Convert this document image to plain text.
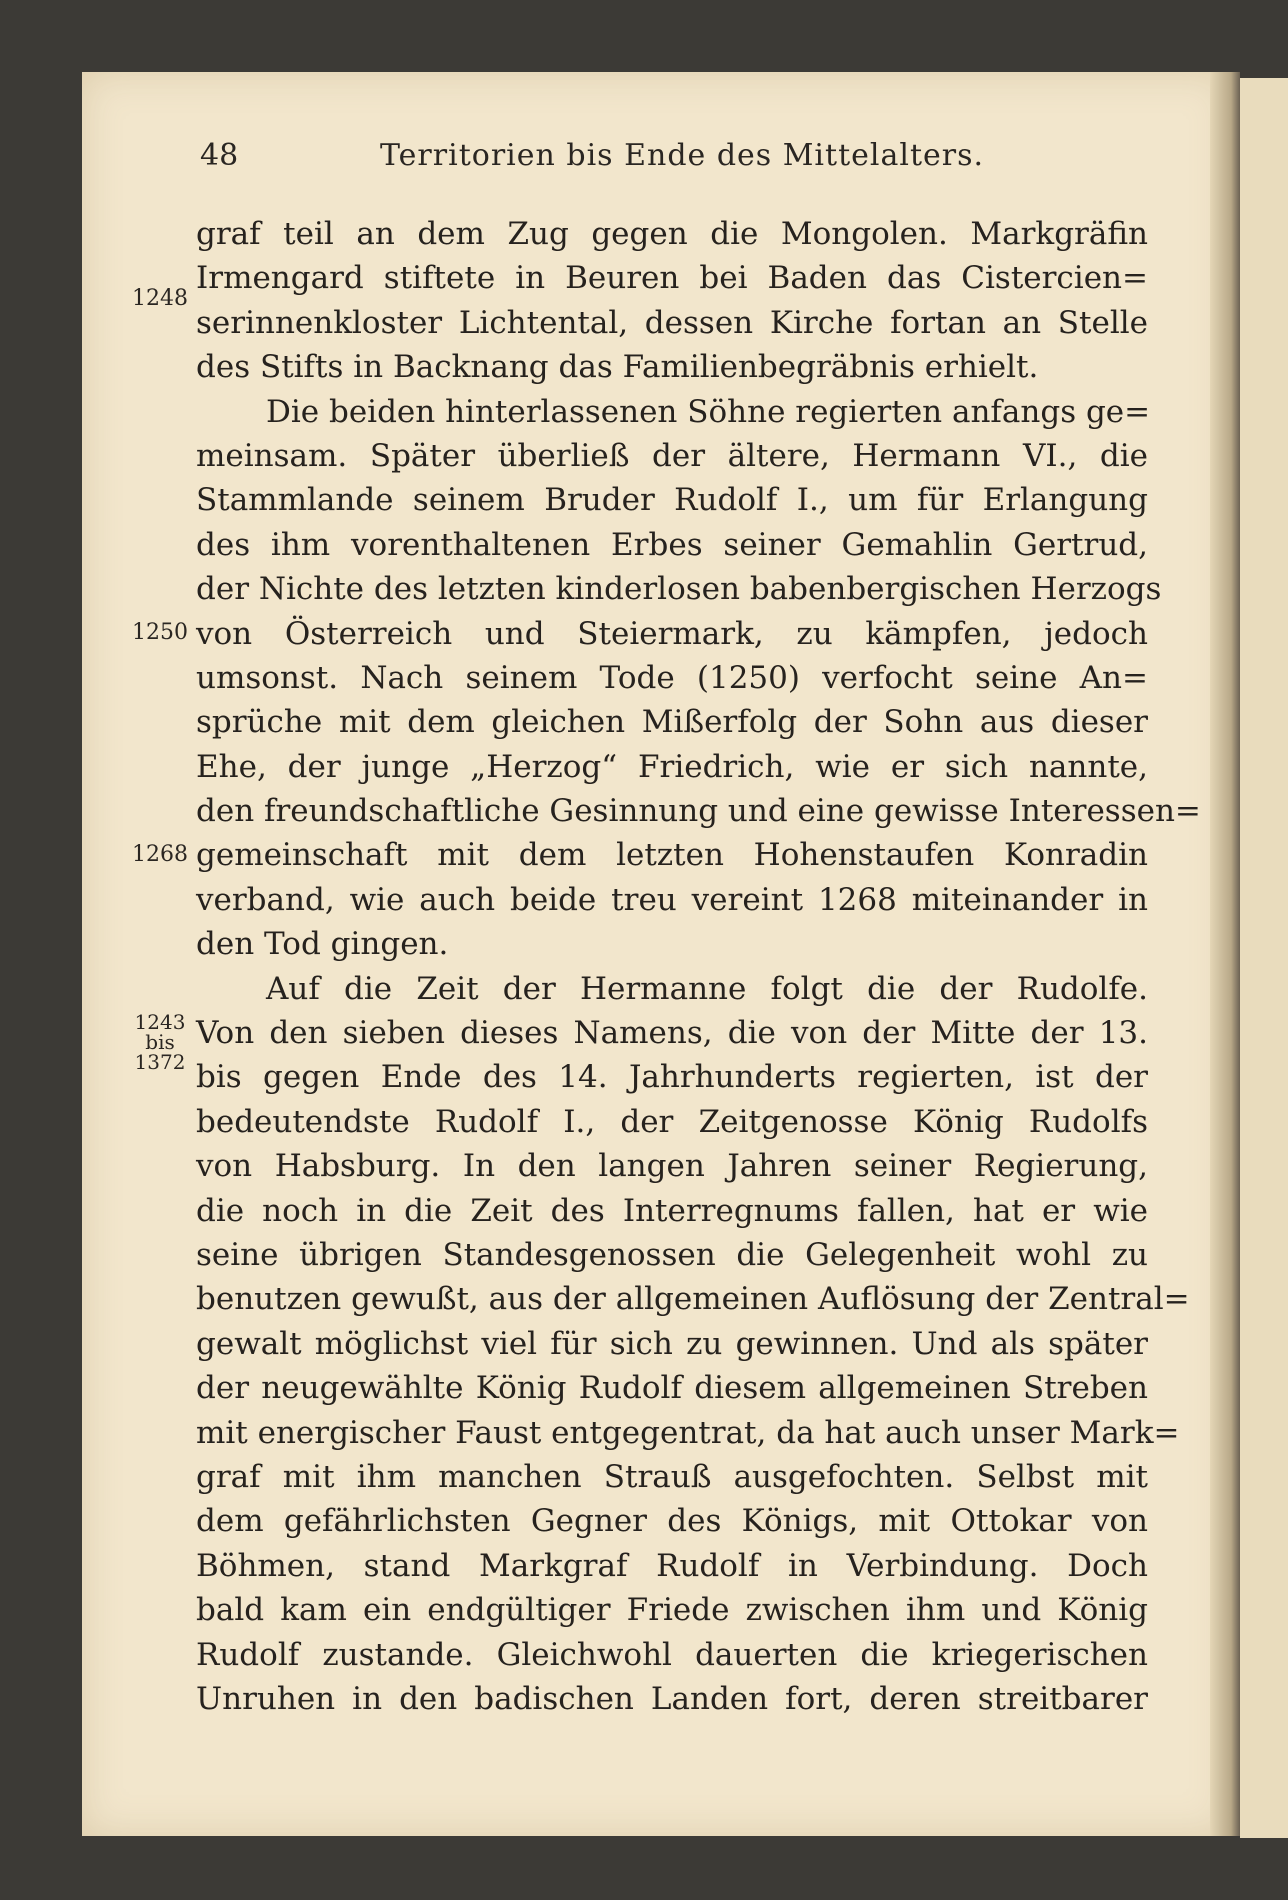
48	Territorien bis Ende des Mittelalters.
1248
1250
1268
1243
bis
1372
graf teil an dem Zug gegen die Mongolen. Markgräfin
Irmengard stiftete in Beuren bei Baden das Cistercien=
serinnenkloster Lichtental, dessen Kirche fortan an Stelle
des Stifts in Backnang das Familienbegräbnis erhielt.
Die beiden hinterlassenen Söhne regierten anfangs ge=
meinsam. Später überließ der ältere, Hermann VI., die
Stammlande seinem Bruder Rudolf I., um für Erlangung
des ihm vorenthaltenen Erbes seiner Gemahlin Gertrud,
der Nichte des letzten kinderlosen babenbergischen Herzogs
von Österreich und Steiermark, zu kämpfen, jedoch
umsonst. Nach seinem Tode (1250) verfocht seine An=
sprüche mit dem gleichen Mißerfolg der Sohn aus dieser
Ehe, der junge „Herzog“ Friedrich, wie er sich nannte,
den freundschaftliche Gesinnung und eine gewisse Interessen=
gemeinschaft mit dem letzten Hohenstaufen Konradin
verband, wie auch beide treu vereint 1268 miteinander in
den Tod gingen.
Auf die Zeit der Hermanne folgt die der Rudolfe.
Von den sieben dieses Namens, die von der Mitte der 13.
bis gegen Ende des 14. Jahrhunderts regierten, ist der
bedeutendste Rudolf I., der Zeitgenosse König Rudolfs
von Habsburg. In den langen Jahren seiner Regierung,
die noch in die Zeit des Interregnums fallen, hat er wie
seine übrigen Standesgenossen die Gelegenheit wohl zu
benutzen gewußt, aus der allgemeinen Auflösung der Zentral=
gewalt möglichst viel für sich zu gewinnen. Und als später
der neugewählte König Rudolf diesem allgemeinen Streben
mit energischer Faust entgegentrat, da hat auch unser Mark=
graf mit ihm manchen Strauß ausgefochten. Selbst mit
dem gefährlichsten Gegner des Königs, mit Ottokar von
Böhmen, stand Markgraf Rudolf in Verbindung. Doch
bald kam ein endgültiger Friede zwischen ihm und König
Rudolf zustande. Gleichwohl dauerten die kriegerischen
Unruhen in den badischen Landen fort, deren streitbarer
